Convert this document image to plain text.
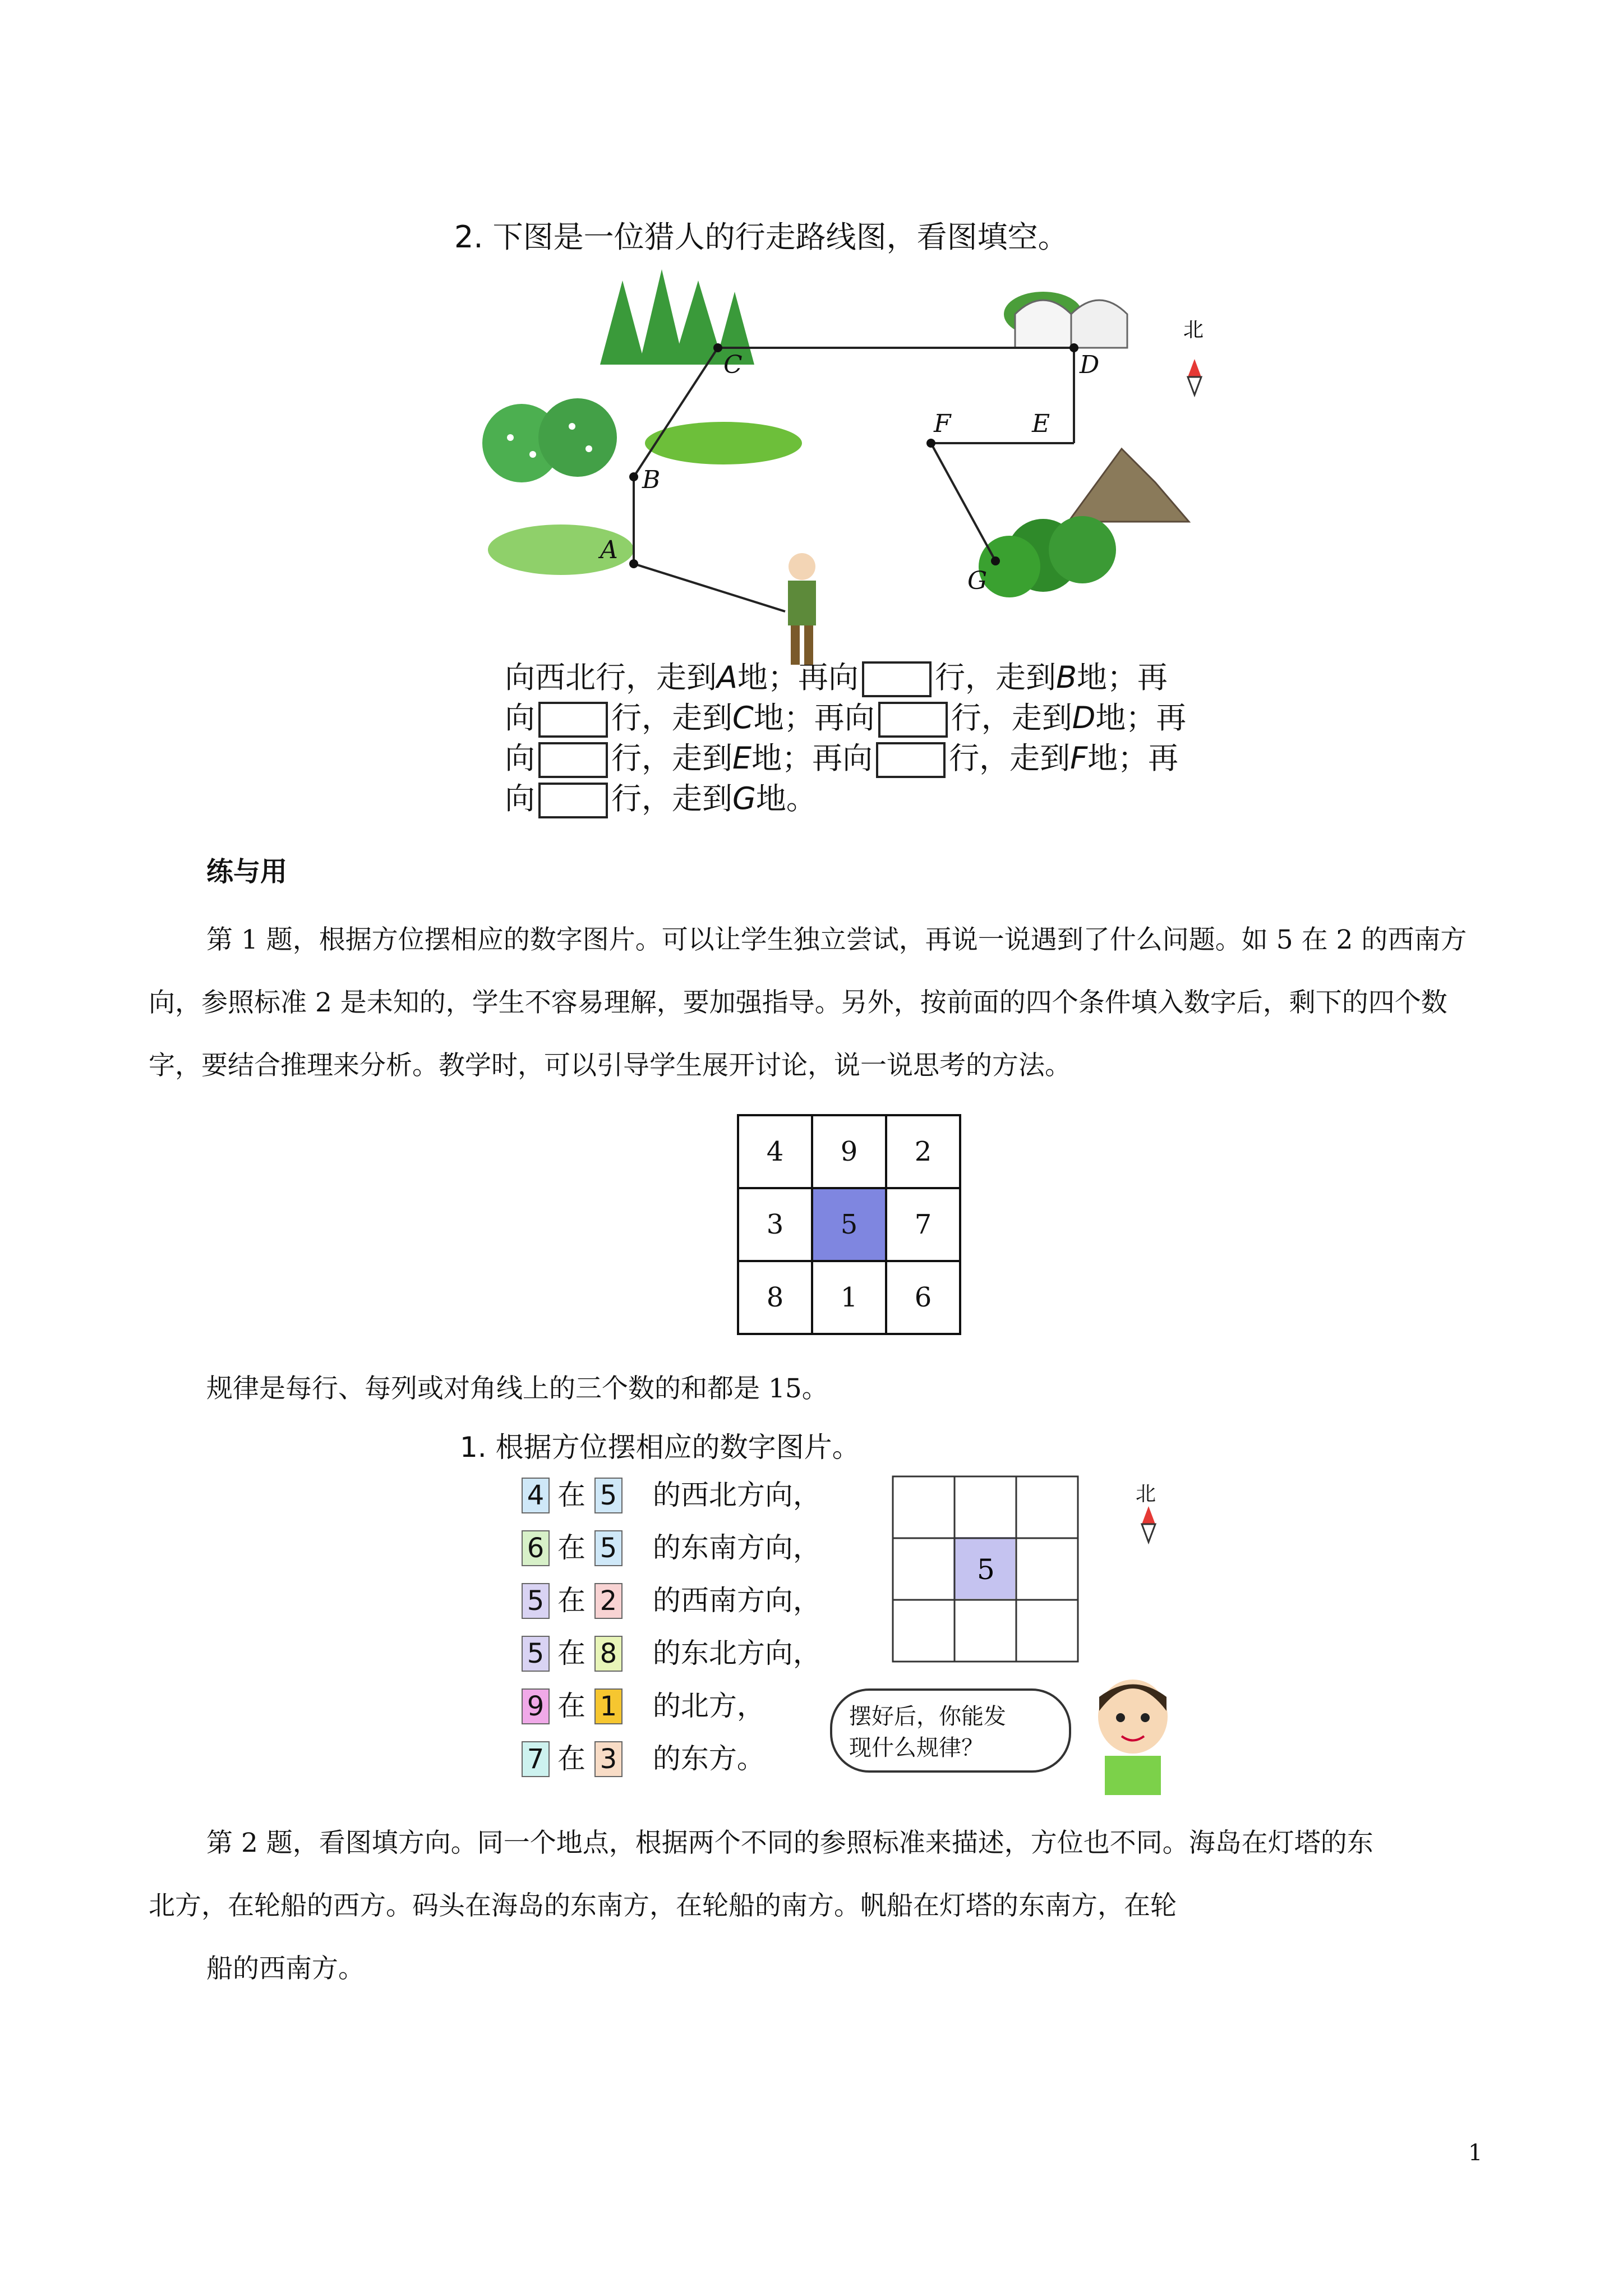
2. 下图是一位猎人的行走路线图，看图填空。
A
B
C	D
E
F
G
北
向西北行，走到A地；再向	行，走到B地；再
向	行，走到C地；再向	行，走到D地；再
向	行，走到E地；再向	行，走到F地；再
向	行，走到G地。
练与用
第 1 题，根据方位摆相应的数字图片。可以让学生独立尝试，再说一说遇到了什么问题。如 5 在 2 的西南方向，参照标准 2 是未知的，学生不容易理解，要加强指导。另外，按前面的四个条件填入数字后，剩下的四个数字，要结合推理来分析。教学时，可以引导学生展开讨论，说一说思考的方法。
4	9	2
3	5	7
8	1	6
规律是每行、每列或对角线上的三个数的和都是 15。
1. 根据方位摆相应的数字图片。
4 在 5 的西北方向，
6 在 5 的东南方向，
5 在 2 的西南方向，
5 在 8 的东北方向，
9 在 1 的北方，
7 在 3 的东方。
5
北
摆好后，你能发
现什么规律？
第 2 题，看图填方向。同一个地点，根据两个不同的参照标准来描述，方位也不同。海岛在灯塔的东
北方，在轮船的西方。码头在海岛的东南方，在轮船的南方。帆船在灯塔的东南方，在轮
船的西南方。
1
